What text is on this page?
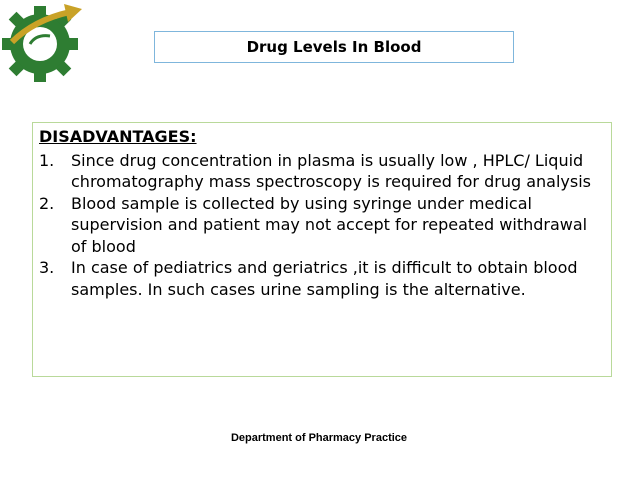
Drug Levels In Blood
DISADVANTAGES:
1.	Since drug concentration in plasma is usually low , HPLC/ Liquid chromatography mass spectroscopy is required for drug analysis
2.	Blood sample is collected by using syringe under medical supervision and patient may not accept for repeated withdrawal of blood
3.	In case of pediatrics and geriatrics ,it is difficult to obtain blood samples. In such cases urine sampling is the alternative.
Department of Pharmacy Practice
